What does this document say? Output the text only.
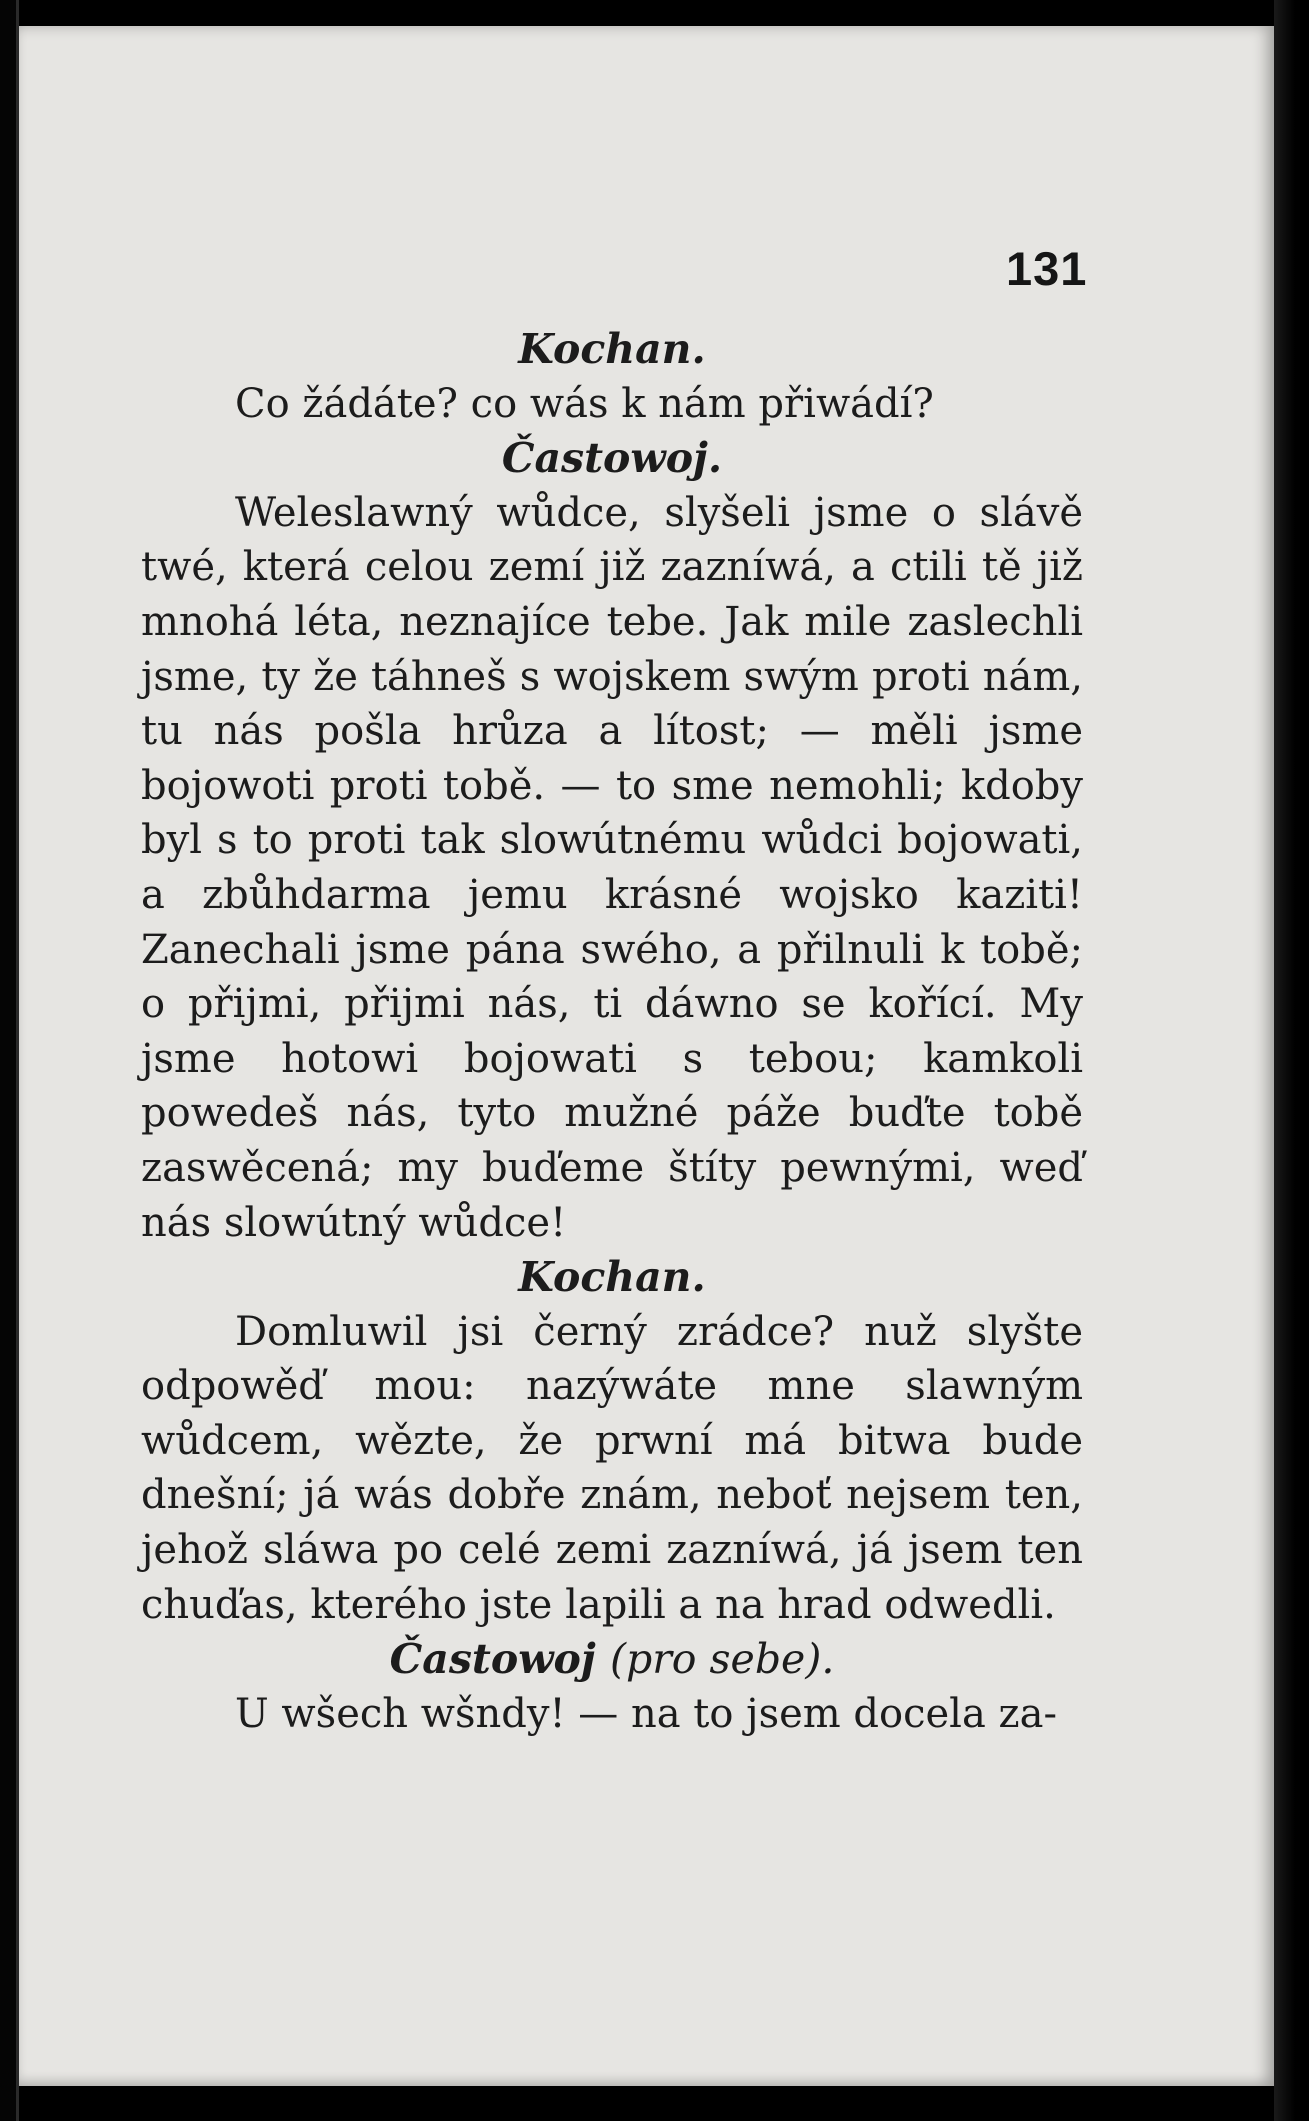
131
Kochan.
Co žádáte? co wás k nám přiwádí?
Častowoj.
Weleslawný wůdce, slyšeli jsme o slávě twé, která celou zemí již zazníwá, a ctili tě již mnohá léta, neznajíce tebe. Jak mile zaslechli jsme, ty že táhneš s wojskem swým proti nám, tu nás pošla hrůza a lítost; — měli jsme bojowoti proti tobě. — to sme nemohli; kdoby byl s to proti tak slowútnému wůdci bojowati, a zbůhdarma jemu krásné wojsko kaziti! Zanechali jsme pána swého, a přilnuli k tobě; o přijmi, přijmi nás, ti dáwno se kořící. My jsme hotowi bojowati s tebou; kamkoli powedeš nás, tyto mužné páže buďte tobě zaswěcená; my buďeme štíty pewnými, weď nás slowútný wůdce!
Kochan.
Domluwil jsi černý zrádce? nuž slyšte odpowěď mou: nazýwáte mne slawným wůdcem, wězte, že prwní má bitwa bude dnešní; já wás dobře znám, neboť nejsem ten, jehož sláwa po celé zemi zazníwá, já jsem ten chuďas, kterého jste lapili a na hrad odwedli.
Častowoj (pro sebe).
U wšech wšndy! — na to jsem docela za-
